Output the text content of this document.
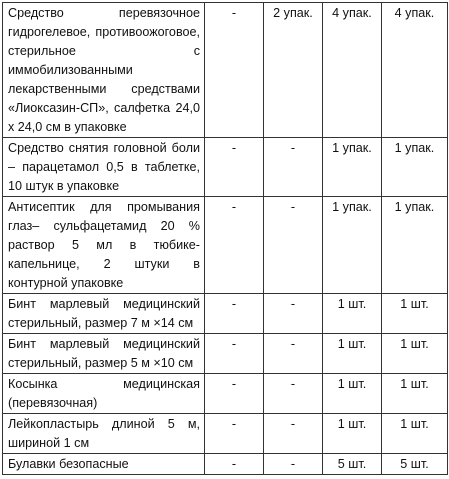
Средство перевязочное гидрогелевое, противоожоговое, стерильное с иммобилизованными лекарственными средствами «Лиоксазин-СП», салфетка 24,0 х 24,0 см в упаковке	-	2 упак.	4 упак.	4 упак.
Средство снятия головной боли – парацетамол 0,5 в таблетке, 10 штук в упаковке	-	-	1 упак.	1 упак.
Антисептик для промывания глаз– сульфацетамид 20 % раствор 5 мл в тюбике-капельнице, 2 штуки в контурной упаковке	-	-	1 упак.	1 упак.
Бинт марлевый медицинский стерильный, размер 7 м ×14 см	-	-	1 шт.	1 шт.
Бинт марлевый медицинский стерильный, размер 5 м ×10 см	-	-	1 шт.	1 шт.
Косынка медицинская (перевязочная)	-	-	1 шт.	1 шт.
Лейкопластырь длиной 5 м, шириной 1 см	-	-	1 шт.	1 шт.
Булавки безопасные	-	-	5 шт.	5 шт.
